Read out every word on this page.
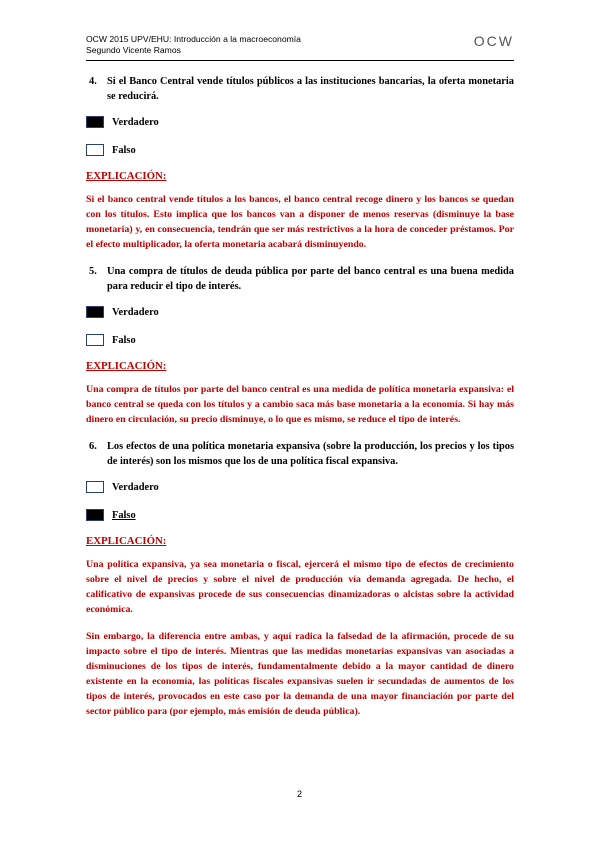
OCW 2015 UPV/EHU: Introducción a la macroeconomía
Segundo Vicente Ramos
OCW
4. Si el Banco Central vende títulos públicos a las instituciones bancarias, la oferta monetaria se reducirá.
Verdadero
Falso
EXPLICACIÓN:
Si el banco central vende títulos a los bancos, el banco central recoge dinero y los bancos se quedan con los títulos. Esto implica que los bancos van a disponer de menos reservas (disminuye la base monetaria) y, en consecuencia, tendrán que ser más restrictivos a la hora de conceder préstamos. Por el efecto multiplicador, la oferta monetaria acabará disminuyendo.
5. Una compra de títulos de deuda pública por parte del banco central es una buena medida para reducir el tipo de interés.
Verdadero
Falso
EXPLICACIÓN:
Una compra de títulos por parte del banco central es una medida de política monetaria expansiva: el banco central se queda con los títulos y a cambio saca más base monetaria a la economía. Si hay más dinero en circulación, su precio disminuye, o lo que es mismo, se reduce el tipo de interés.
6. Los efectos de una política monetaria expansiva (sobre la producción, los precios y los tipos de interés) son los mismos que los de una política fiscal expansiva.
Verdadero
Falso
EXPLICACIÓN:
Una política expansiva, ya sea monetaria o fiscal, ejercerá el mismo tipo de efectos de crecimiento sobre el nivel de precios y sobre el nivel de producción vía demanda agregada. De hecho, el calificativo de expansivas procede de sus consecuencias dinamizadoras o alcistas sobre la actividad económica.
Sin embargo, la diferencia entre ambas, y aquí radica la falsedad de la afirmación, procede de su impacto sobre el tipo de interés. Mientras que las medidas monetarias expansivas van asociadas a disminuciones de los tipos de interés, fundamentalmente debido a la mayor cantidad de dinero existente en la economía, las políticas fiscales expansivas suelen ir secundadas de aumentos de los tipos de interés, provocados en este caso por la demanda de una mayor financiación por parte del sector público para (por ejemplo, más emisión de deuda pública).
2
